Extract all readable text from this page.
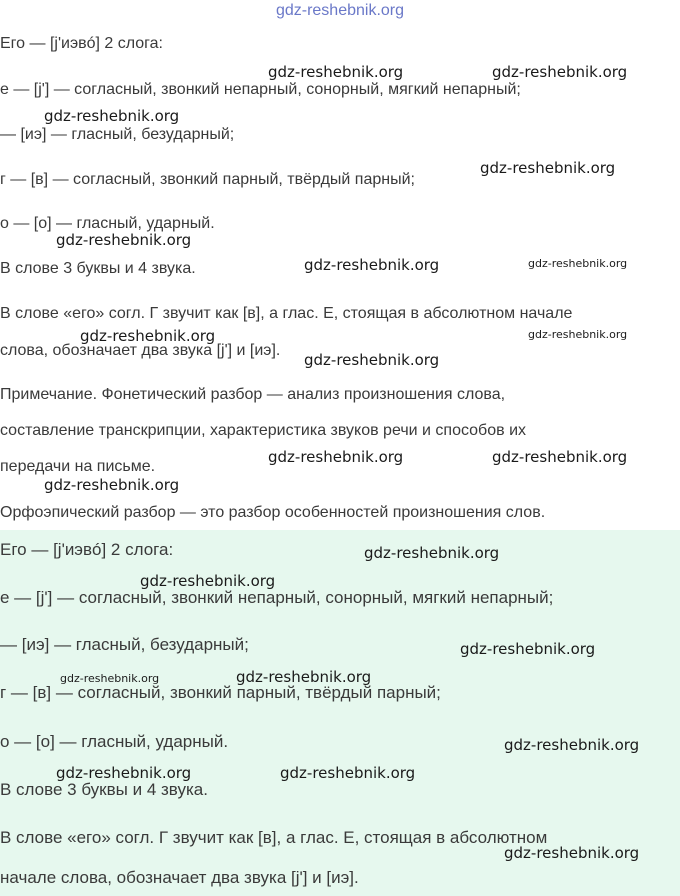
gdz-reshebnik.org
Его — [j'иэвó] 2 слога:
е — [j'] — согласный, звонкий непарный, сонорный, мягкий непарный;
— [иэ] — гласный, безударный;
г — [в] — согласный, звонкий парный, твёрдый парный;
о — [о] — гласный, ударный.
В слове 3 буквы и 4 звука.
В слове «его» согл. Г звучит как [в], а глас. Е, стоящая в абсолютном начале
слова, обозначает два звука [j'] и [иэ].
Примечание. Фонетический разбор — анализ произношения слова,
составление транскрипции, характеристика звуков речи и способов их
передачи на письме.
Орфоэпический разбор — это разбор особенностей произношения слов.
Его — [j'иэвó] 2 слога:
е — [j'] — согласный, звонкий непарный, сонорный, мягкий непарный;
— [иэ] — гласный, безударный;
г — [в] — согласный, звонкий парный, твёрдый парный;
о — [о] — гласный, ударный.
В слове 3 буквы и 4 звука.
В слове «его» согл. Г звучит как [в], а глас. Е, стоящая в абсолютном
начале слова, обозначает два звука [j'] и [иэ].
gdz-reshebnik.org	gdz-reshebnik.org
gdz-reshebnik.org
gdz-reshebnik.org
gdz-reshebnik.org
gdz-reshebnik.org	gdz-reshebnik.org
gdz-reshebnik.org	gdz-reshebnik.org
gdz-reshebnik.org
gdz-reshebnik.org	gdz-reshebnik.org
gdz-reshebnik.org
gdz-reshebnik.org
gdz-reshebnik.org
gdz-reshebnik.org
gdz-reshebnik.org	gdz-reshebnik.org
gdz-reshebnik.org
gdz-reshebnik.org	gdz-reshebnik.org
gdz-reshebnik.org
